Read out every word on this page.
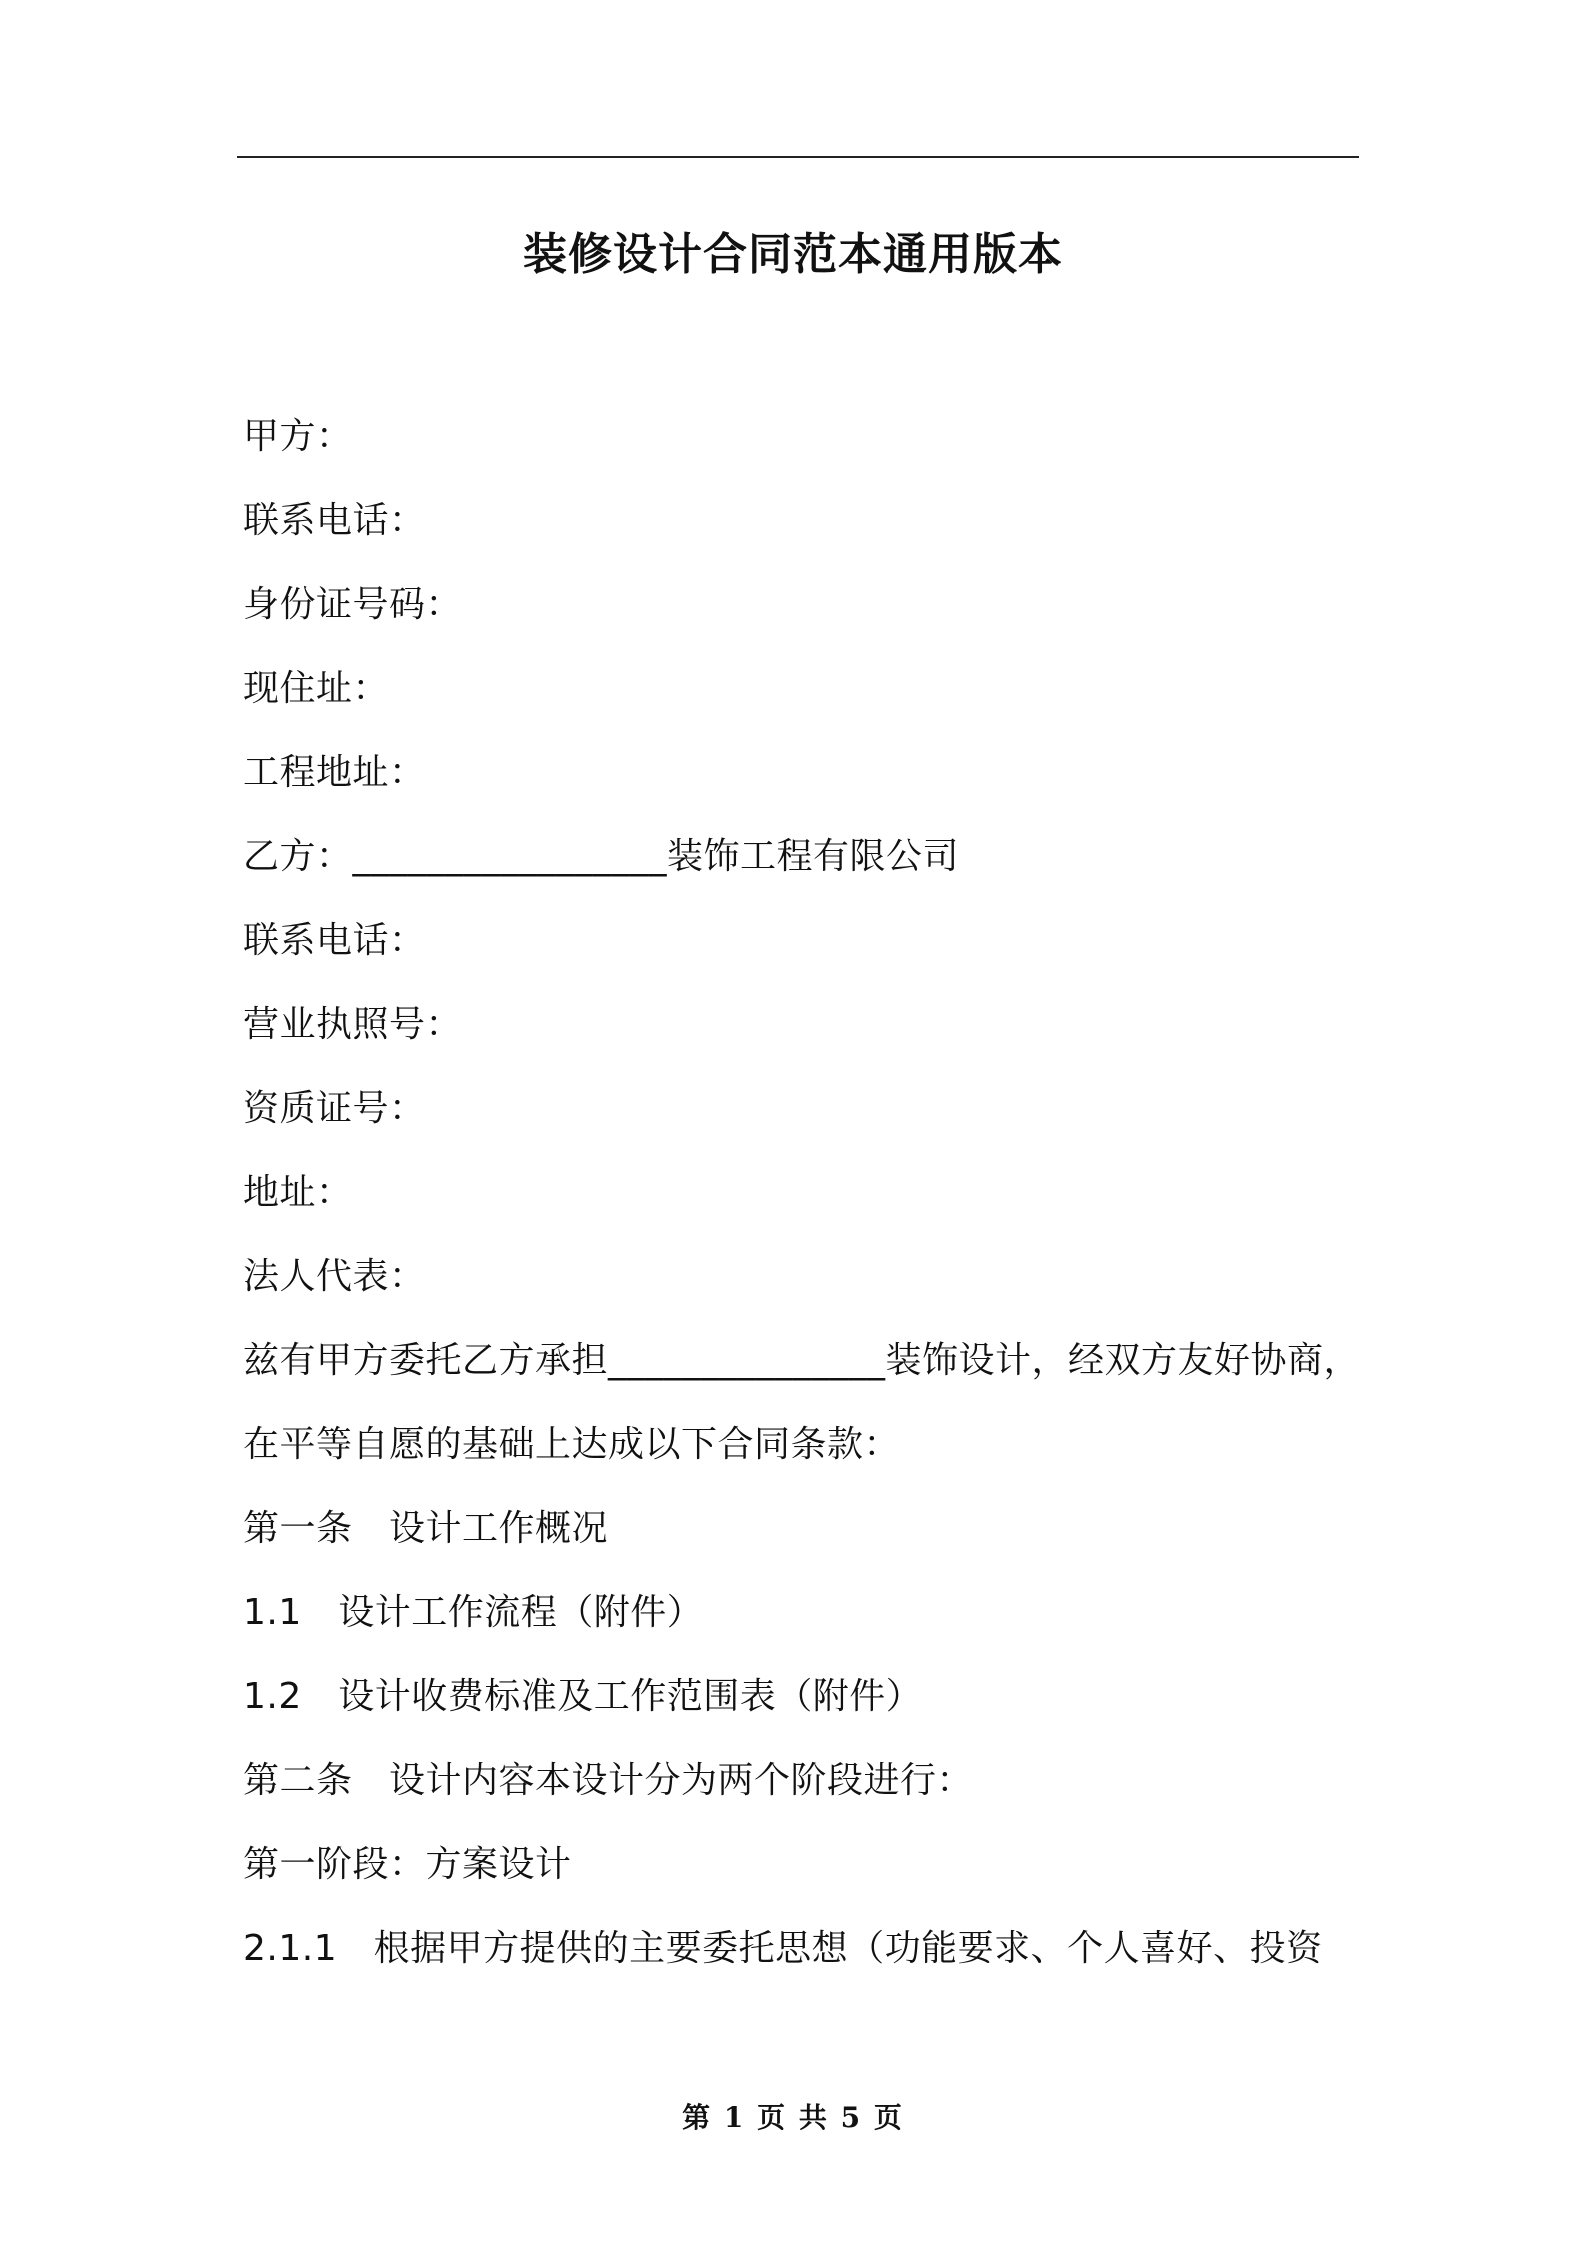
装修设计合同范本通用版本
甲方：
联系电话：
身份证号码：
现住址：
工程地址：
乙方：_________________装饰工程有限公司
联系电话：
营业执照号：
资质证号：
地址：
法人代表：
兹有甲方委托乙方承担_______________装饰设计，经双方友好协商，
在平等自愿的基础上达成以下合同条款：
第一条　设计工作概况
1.1　设计工作流程（附件）
1.2　设计收费标准及工作范围表（附件）
第二条　设计内容本设计分为两个阶段进行：
第一阶段：方案设计
2.1.1　根据甲方提供的主要委托思想（功能要求、个人喜好、投资
第 1 页 共 5 页
